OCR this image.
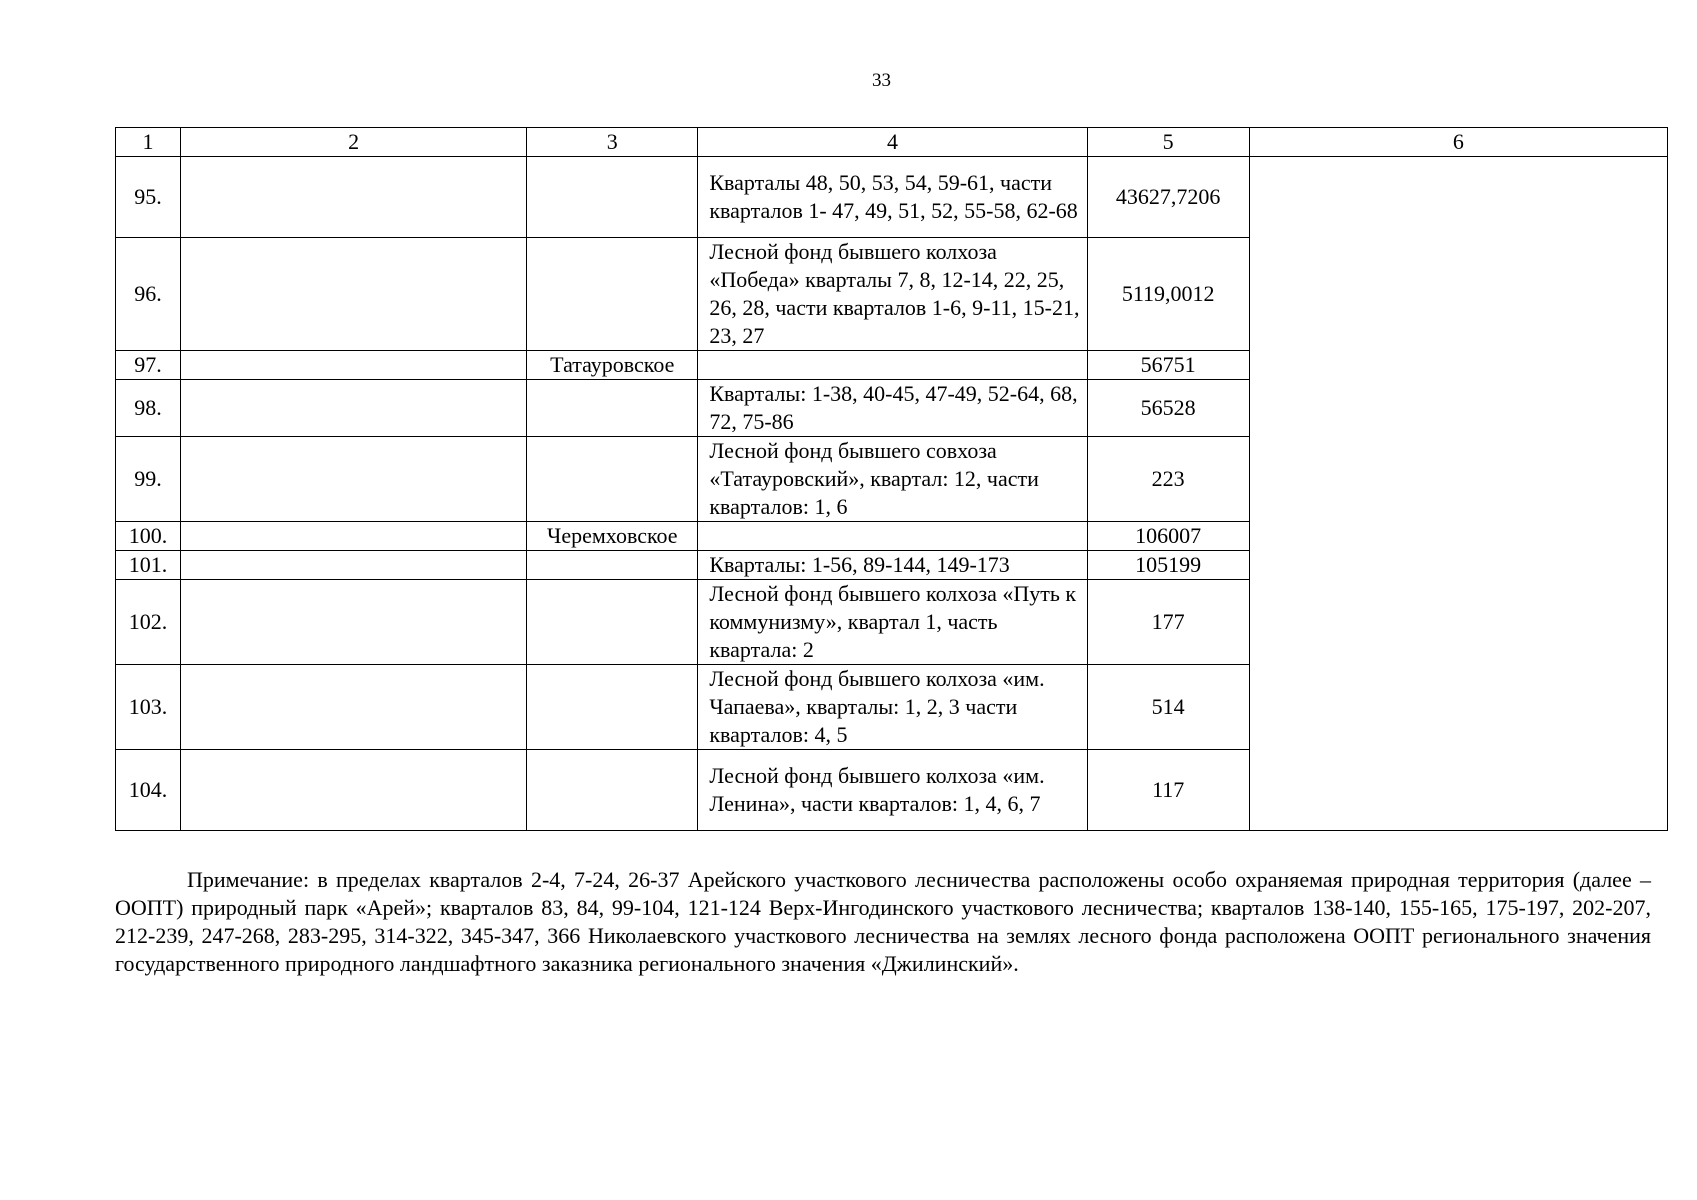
33
1	2	3	4	5	6
95.			Кварталы 48, 50, 53, 54, 59-61, части кварталов 1- 47, 49, 51, 52, 55-58, 62-68	43627,7206	
96.			Лесной фонд бывшего колхоза «Победа» кварталы 7, 8, 12-14, 22, 25, 26, 28, части кварталов 1-6, 9-11, 15-21, 23, 27	5119,0012	
97.		Татауровское		56751	
98.			Кварталы: 1-38, 40-45, 47-49, 52-64, 68, 72, 75-86	56528	
99.			Лесной фонд бывшего совхоза «Татауровский», квартал: 12, части кварталов: 1, 6	223	
100.		Черемховское		106007	
101.			Кварталы: 1-56, 89-144, 149-173	105199	
102.			Лесной фонд бывшего колхоза «Путь к коммунизму», квартал 1, часть квартала: 2	177	
103.			Лесной фонд бывшего колхоза «им. Чапаева», кварталы: 1, 2, 3 части кварталов: 4, 5	514	
104.			Лесной фонд бывшего колхоза «им. Ленина», части кварталов: 1, 4, 6, 7	117	
Примечание: в пределах кварталов 2-4, 7-24, 26-37 Арейского участкового лесничества расположены особо охраняемая природная территория (далее – ООПТ) природный парк «Арей»; кварталов 83, 84, 99-104, 121-124 Верх-Ингодинского участкового лесничества; кварталов 138-140, 155-165, 175-197, 202-207, 212-239, 247-268, 283-295, 314-322, 345-347, 366 Николаевского участкового лесничества на землях лесного фонда расположена ООПТ регионального значения государственного природного ландшафтного заказника регионального значения «Джилинский».
